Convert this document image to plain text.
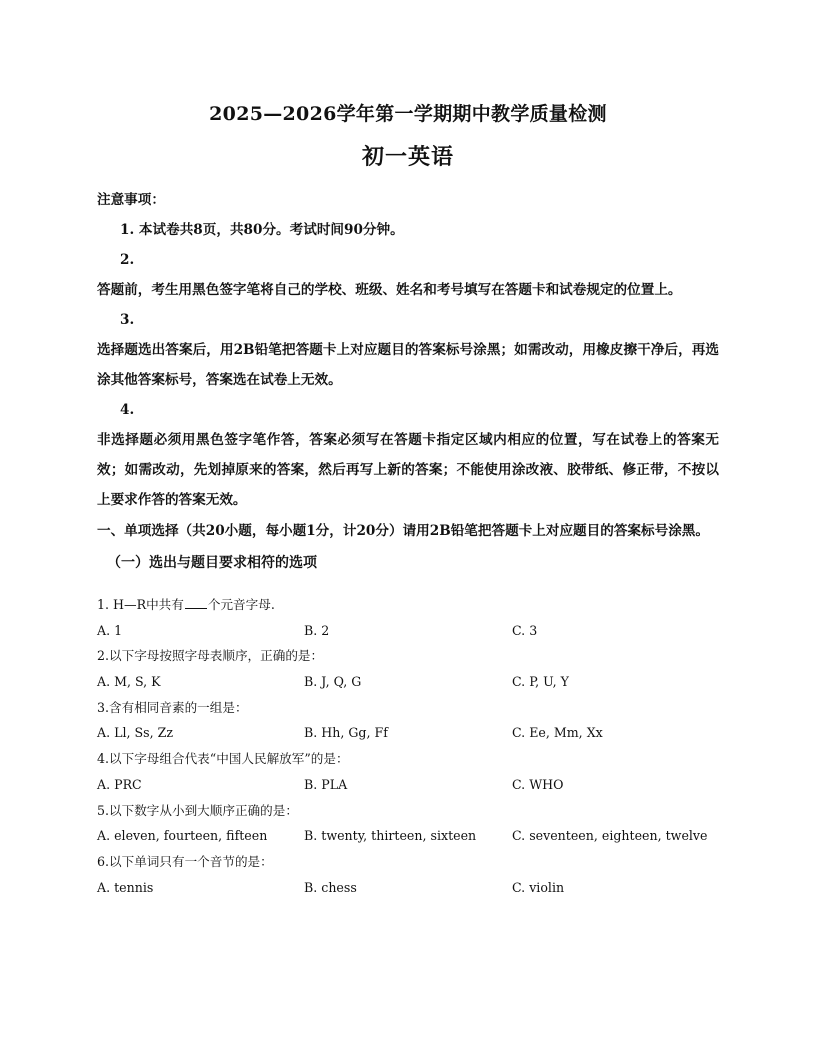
2025—2026学年第一学期期中教学质量检测
初一英语

注意事项：

1. 本试卷共8页，共80分。考试时间90分钟。

2.

答题前，考生用黑色签字笔将自己的学校、班级、姓名和考号填写在答题卡和试卷规定的位置上。

3.

选择题选出答案后，用2B铅笔把答题卡上对应题目的答案标号涂黑；如需改动，用橡皮擦干净后，再选涂其他答案标号，答案选在试卷上无效。

4.

非选择题必须用黑色签字笔作答，答案必须写在答题卡指定区域内相应的位置，写在试卷上的答案无效；如需改动，先划掉原来的答案，然后再写上新的答案；不能使用涂改液、胶带纸、修正带，不按以上要求作答的答案无效。

一、单项选择（共20小题，每小题1分，计20分）请用2B铅笔把答题卡上对应题目的答案标号涂黑。

（一）选出与题目要求相符的选项

1. H—R中共有 个元音字母.
A. 1	B. 2	C. 3
2.以下字母按照字母表顺序，正确的是：
A. M, S, K	B. J, Q, G	C. P, U, Y
3.含有相同音素的一组是：
A. Ll, Ss, Zz	B. Hh, Gg, Ff	C. Ee, Mm, Xx
4.以下字母组合代表“中国人民解放军”的是：
A. PRC	B. PLA	C. WHO
5.以下数字从小到大顺序正确的是：
A. eleven, fourteen, fifteen	B. twenty, thirteen, sixteen	C. seventeen, eighteen, twelve
6.以下单词只有一个音节的是：
A. tennis	B. chess	C. violin
